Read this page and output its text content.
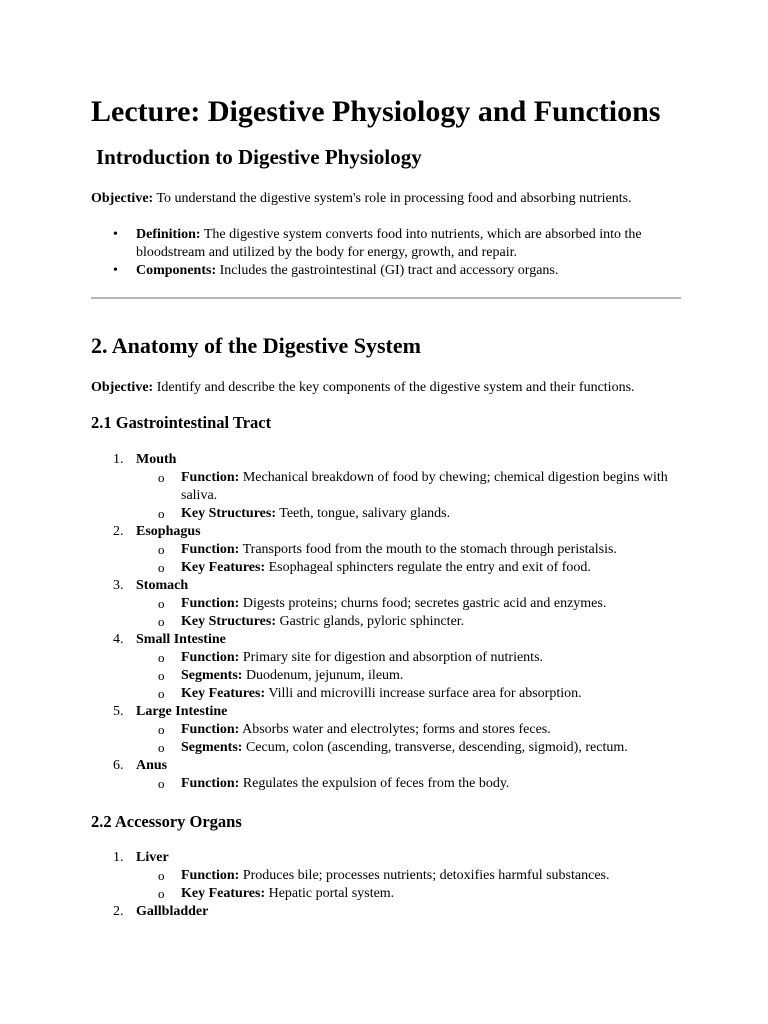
Lecture: Digestive Physiology and Functions
Introduction to Digestive Physiology

Objective: To understand the digestive system's role in processing food and absorbing nutrients.

• Definition: The digestive system converts food into nutrients, which are absorbed into the bloodstream and utilized by the body for energy, growth, and repair.
• Components: Includes the gastrointestinal (GI) tract and accessory organs.
2. Anatomy of the Digestive System

Objective: Identify and describe the key components of the digestive system and their functions.

2.1 Gastrointestinal Tract
1. Mouth
o Function: Mechanical breakdown of food by chewing; chemical digestion begins with saliva.
o Key Structures: Teeth, tongue, salivary glands.
2. Esophagus
o Function: Transports food from the mouth to the stomach through peristalsis.
o Key Features: Esophageal sphincters regulate the entry and exit of food.
3. Stomach
o Function: Digests proteins; churns food; secretes gastric acid and enzymes.
o Key Structures: Gastric glands, pyloric sphincter.
4. Small Intestine
o Function: Primary site for digestion and absorption of nutrients.
o Segments: Duodenum, jejunum, ileum.
o Key Features: Villi and microvilli increase surface area for absorption.
5. Large Intestine
o Function: Absorbs water and electrolytes; forms and stores feces.
o Segments: Cecum, colon (ascending, transverse, descending, sigmoid), rectum.
6. Anus
o Function: Regulates the expulsion of feces from the body.
2.2 Accessory Organs
1. Liver
o Function: Produces bile; processes nutrients; detoxifies harmful substances.
o Key Features: Hepatic portal system.
2. Gallbladder
